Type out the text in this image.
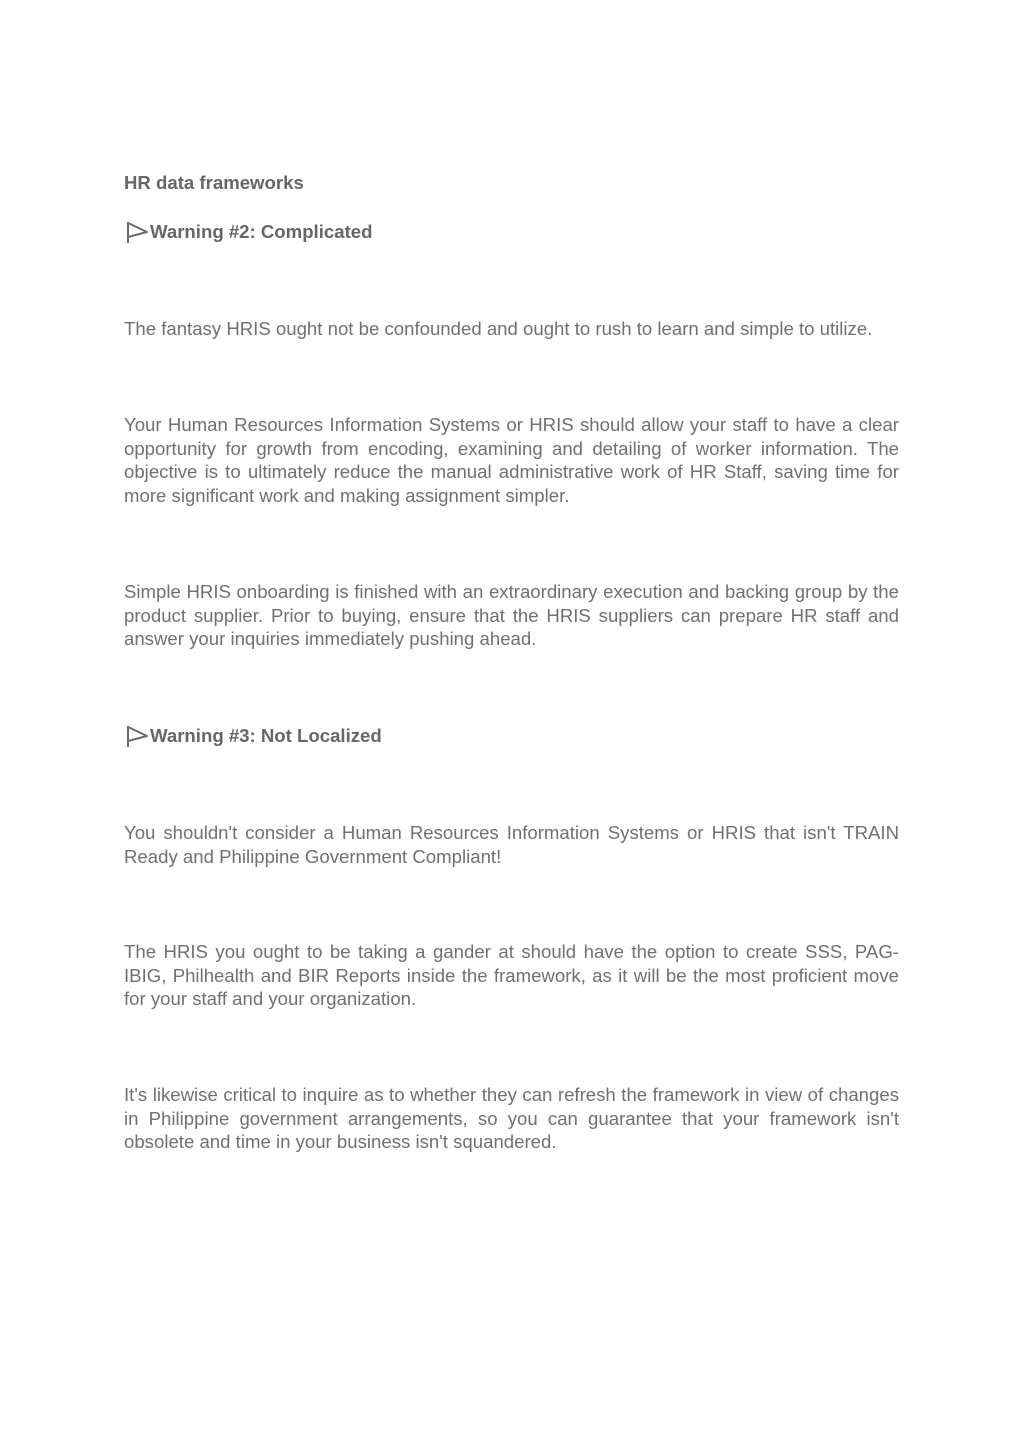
HR data frameworks

Warning #2: Complicated

The fantasy HRIS ought not be confounded and ought to rush to learn and simple to utilize.

Your Human Resources Information Systems or HRIS should allow your staff to have a clear opportunity for growth from encoding, examining and detailing of worker information. The objective is to ultimately reduce the manual administrative work of HR Staff, saving time for more significant work and making assignment simpler.

Simple HRIS onboarding is finished with an extraordinary execution and backing group by the product supplier. Prior to buying, ensure that the HRIS suppliers can prepare HR staff and answer your inquiries immediately pushing ahead.

Warning #3: Not Localized

You shouldn't consider a Human Resources Information Systems or HRIS that isn't TRAIN Ready and Philippine Government Compliant!

The HRIS you ought to be taking a gander at should have the option to create SSS, PAG-IBIG, Philhealth and BIR Reports inside the framework, as it will be the most proficient move for your staff and your organization.

It's likewise critical to inquire as to whether they can refresh the framework in view of changes in Philippine government arrangements, so you can guarantee that your framework isn't obsolete and time in your business isn't squandered.
